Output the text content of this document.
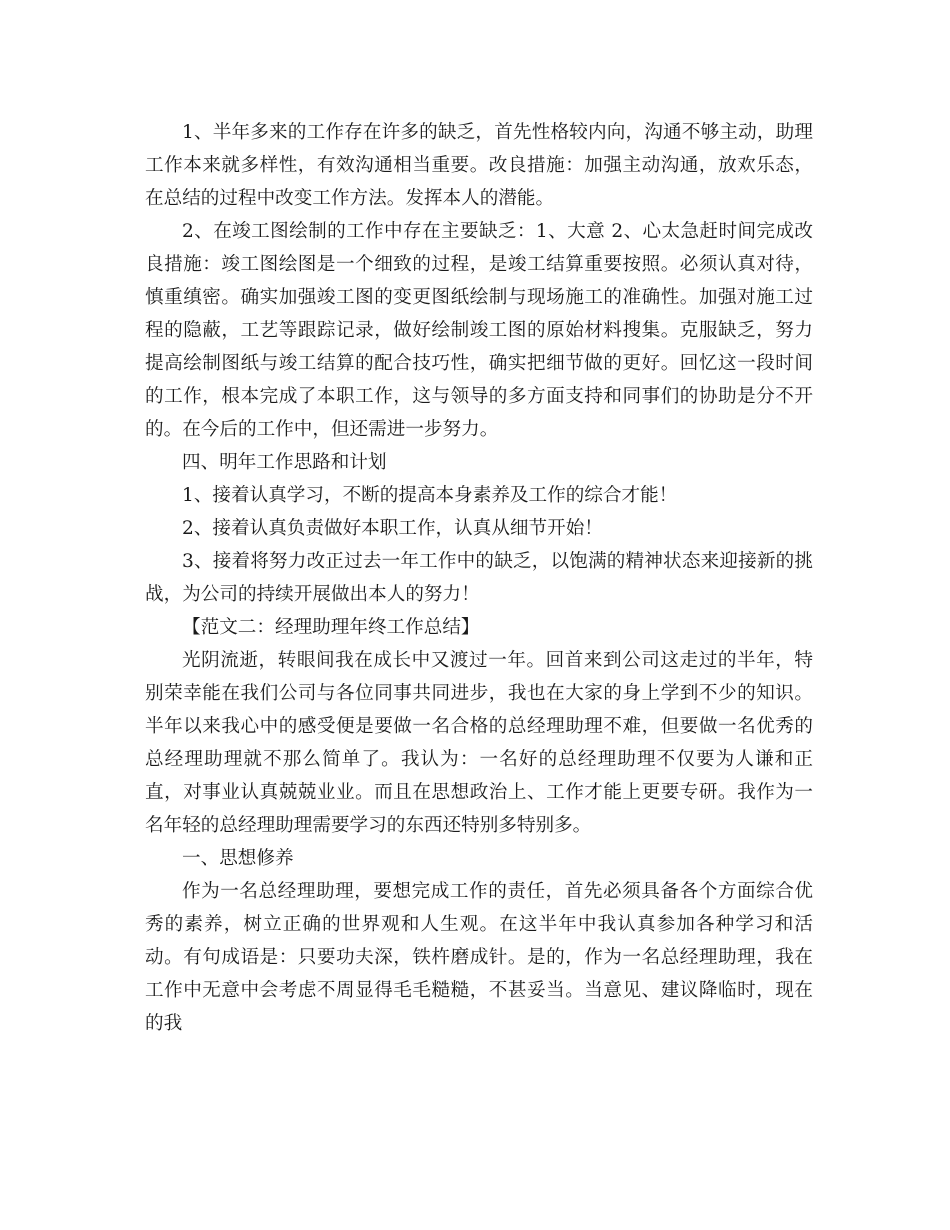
1、半年多来的工作存在许多的缺乏，首先性格较内向，沟通不够主动，助理工作本来就多样性，有效沟通相当重要。改良措施：加强主动沟通，放欢乐态，在总结的过程中改变工作方法。发挥本人的潜能。

2、在竣工图绘制的工作中存在主要缺乏：1、大意 2、心太急赶时间完成改良措施：竣工图绘图是一个细致的过程，是竣工结算重要按照。必须认真对待，慎重缜密。确实加强竣工图的变更图纸绘制与现场施工的准确性。加强对施工过程的隐蔽，工艺等跟踪记录，做好绘制竣工图的原始材料搜集。克服缺乏，努力提高绘制图纸与竣工结算的配合技巧性，确实把细节做的更好。回忆这一段时间的工作，根本完成了本职工作，这与领导的多方面支持和同事们的协助是分不开的。在今后的工作中，但还需进一步努力。

四、明年工作思路和计划

1、接着认真学习，不断的提高本身素养及工作的综合才能！

2、接着认真负责做好本职工作，认真从细节开始！

3、接着将努力改正过去一年工作中的缺乏，以饱满的精神状态来迎接新的挑战，为公司的持续开展做出本人的努力！

【范文二：经理助理年终工作总结】

光阴流逝，转眼间我在成长中又渡过一年。回首来到公司这走过的半年，特别荣幸能在我们公司与各位同事共同进步，我也在大家的身上学到不少的知识。半年以来我心中的感受便是要做一名合格的总经理助理不难，但要做一名优秀的总经理助理就不那么简单了。我认为：一名好的总经理助理不仅要为人谦和正直，对事业认真兢兢业业。而且在思想政治上、工作才能上更要专研。我作为一名年轻的总经理助理需要学习的东西还特别多特别多。

一、思想修养

作为一名总经理助理，要想完成工作的责任，首先必须具备各个方面综合优秀的素养，树立正确的世界观和人生观。在这半年中我认真参加各种学习和活动。有句成语是：只要功夫深，铁杵磨成针。是的，作为一名总经理助理，我在工作中无意中会考虑不周显得毛毛糙糙，不甚妥当。当意见、建议降临时，现在的我
